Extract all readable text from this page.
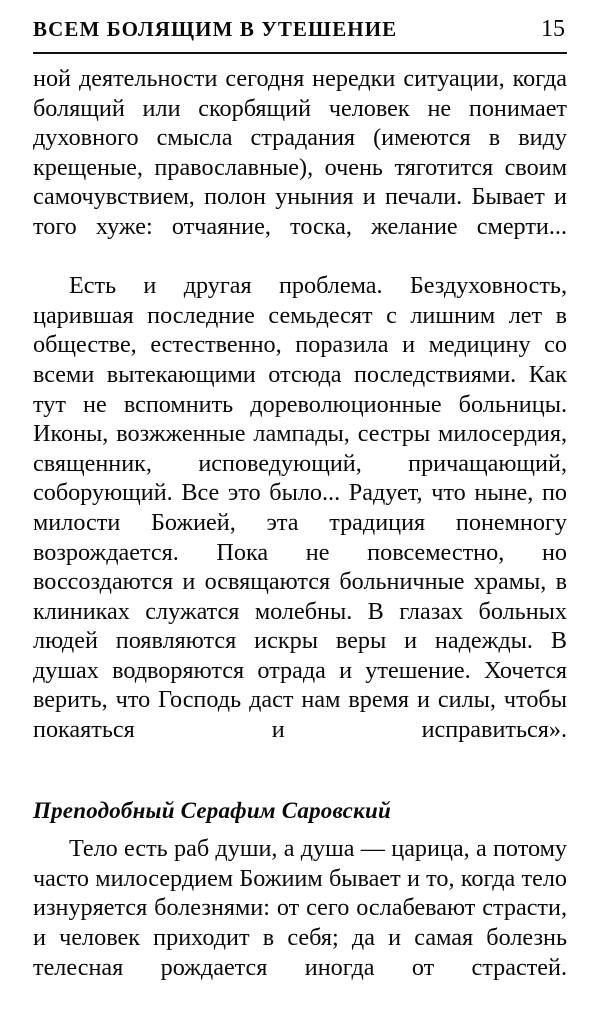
ВСЕМ БОЛЯЩИМ В УТЕШЕНИЕ	15

ной деятельности сегодня нередки ситуации, когда болящий или скорбящий человек не понимает духовного смысла страдания (имеются в виду крещеные, православные), очень тяготится своим самочувствием, полон уныния и печали. Бывает и того хуже: отчаяние, тоска, желание смерти...

Есть и другая проблема. Бездуховность, царившая последние семьдесят с лишним лет в обществе, естественно, поразила и медицину со всеми вытекающими отсюда последствиями. Как тут не вспомнить дореволюционные больницы. Иконы, возжженные лампады, сестры милосердия, священник, исповедующий, причащающий, соборующий. Все это было... Радует, что ныне, по милости Божией, эта традиция понемногу возрождается. Пока не повсеместно, но воссоздаются и освящаются больничные храмы, в клиниках служатся молебны. В глазах больных людей появляются искры веры и надежды. В душах водворяются отрада и утешение. Хочется верить, что Господь даст нам время и силы, чтобы покаяться и исправиться».

Преподобный Серафим Саровский

Тело есть раб души, а душа — царица, а потому часто милосердием Божиим бывает и то, когда тело изнуряется болезнями: от сего ослабевают страсти, и человек приходит в себя; да и самая болезнь телесная рождается иногда от страстей.
